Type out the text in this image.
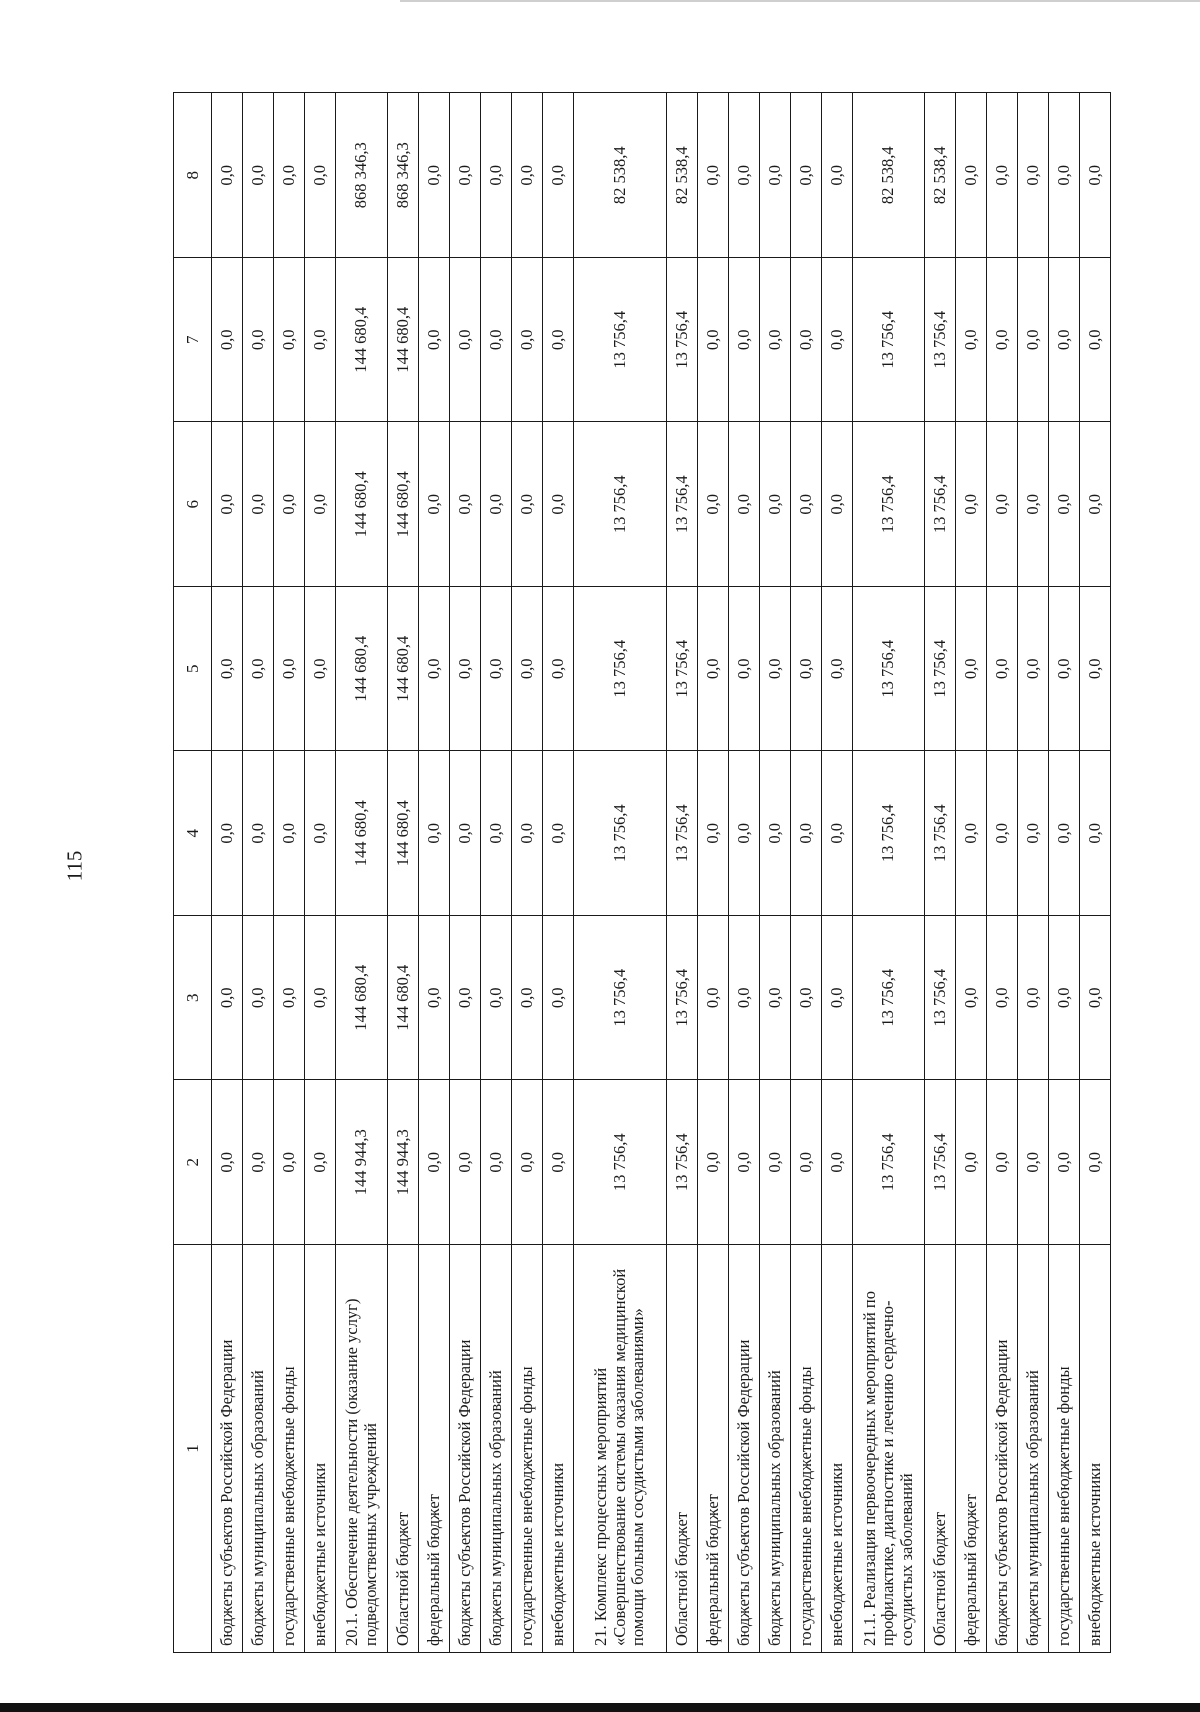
115
1	2	3	4	5	6	7	8
бюджеты субъектов Российской Федерации	0,0	0,0	0,0	0,0	0,0	0,0	0,0
бюджеты муниципальных образований	0,0	0,0	0,0	0,0	0,0	0,0	0,0
государственные внебюджетные фонды	0,0	0,0	0,0	0,0	0,0	0,0	0,0
внебюджетные источники	0,0	0,0	0,0	0,0	0,0	0,0	0,0
20.1. Обеспечение деятельности (оказание услуг) подведомственных учреждений	144 944,3	144 680,4	144 680,4	144 680,4	144 680,4	144 680,4	868 346,3
Областной бюджет	144 944,3	144 680,4	144 680,4	144 680,4	144 680,4	144 680,4	868 346,3
федеральный бюджет	0,0	0,0	0,0	0,0	0,0	0,0	0,0
бюджеты субъектов Российской Федерации	0,0	0,0	0,0	0,0	0,0	0,0	0,0
бюджеты муниципальных образований	0,0	0,0	0,0	0,0	0,0	0,0	0,0
государственные внебюджетные фонды	0,0	0,0	0,0	0,0	0,0	0,0	0,0
внебюджетные источники	0,0	0,0	0,0	0,0	0,0	0,0	0,0
21. Комплекс процессных мероприятий «Совершенствование системы оказания медицинской помощи больным сосудистыми заболеваниями»	13 756,4	13 756,4	13 756,4	13 756,4	13 756,4	13 756,4	82 538,4
Областной бюджет	13 756,4	13 756,4	13 756,4	13 756,4	13 756,4	13 756,4	82 538,4
федеральный бюджет	0,0	0,0	0,0	0,0	0,0	0,0	0,0
бюджеты субъектов Российской Федерации	0,0	0,0	0,0	0,0	0,0	0,0	0,0
бюджеты муниципальных образований	0,0	0,0	0,0	0,0	0,0	0,0	0,0
государственные внебюджетные фонды	0,0	0,0	0,0	0,0	0,0	0,0	0,0
внебюджетные источники	0,0	0,0	0,0	0,0	0,0	0,0	0,0
21.1. Реализация первоочередных мероприятий по профилактике, диагностике и лечению сердечно-сосудистых заболеваний	13 756,4	13 756,4	13 756,4	13 756,4	13 756,4	13 756,4	82 538,4
Областной бюджет	13 756,4	13 756,4	13 756,4	13 756,4	13 756,4	13 756,4	82 538,4
федеральный бюджет	0,0	0,0	0,0	0,0	0,0	0,0	0,0
бюджеты субъектов Российской Федерации	0,0	0,0	0,0	0,0	0,0	0,0	0,0
бюджеты муниципальных образований	0,0	0,0	0,0	0,0	0,0	0,0	0,0
государственные внебюджетные фонды	0,0	0,0	0,0	0,0	0,0	0,0	0,0
внебюджетные источники	0,0	0,0	0,0	0,0	0,0	0,0	0,0
